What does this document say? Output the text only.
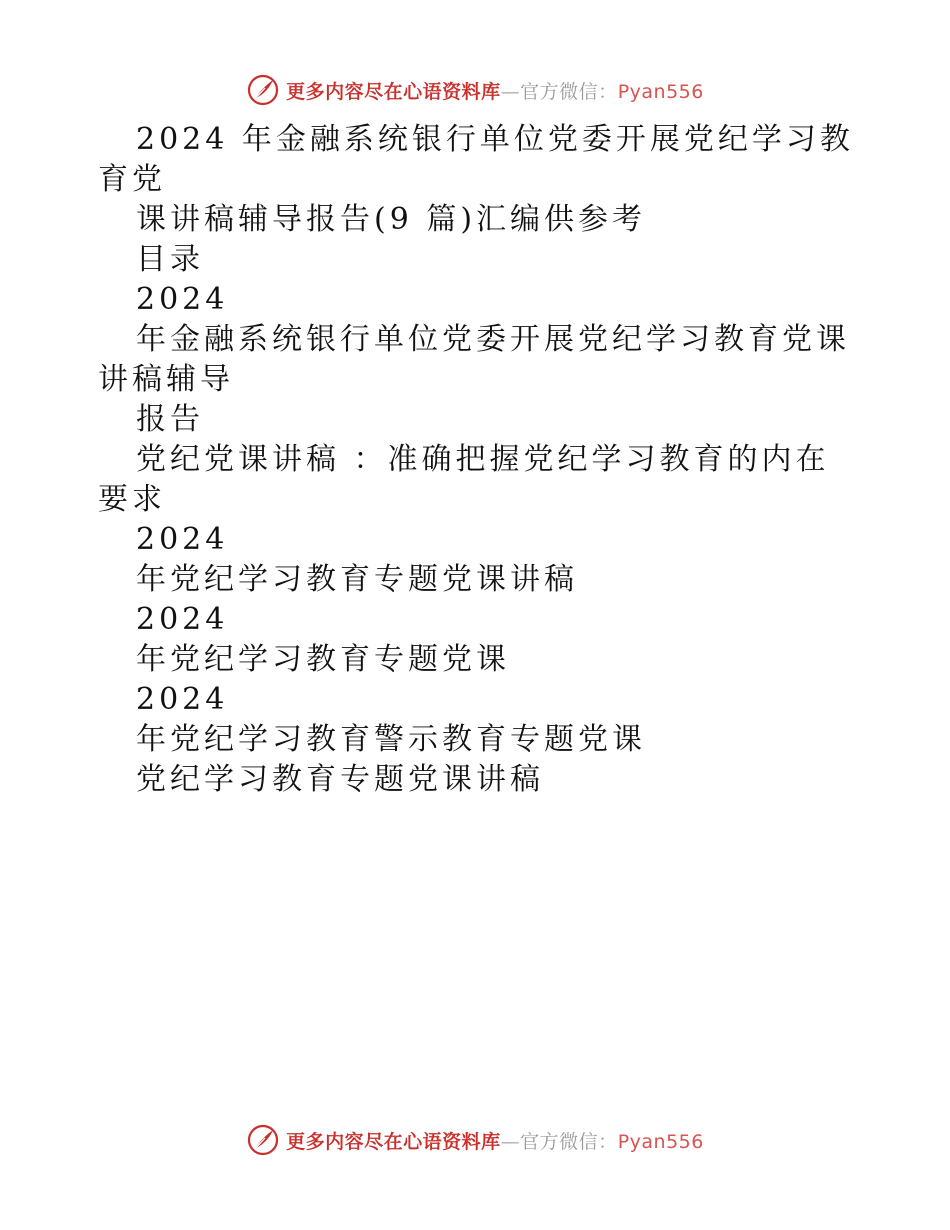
更多内容尽在心语资料库—官方微信：Pyan556
2024 年金融系统银行单位党委开展党纪学习教
育党
课讲稿辅导报告(9 篇)汇编供参考
目录
2024
年金融系统银行单位党委开展党纪学习教育党课
讲稿辅导
报告
党纪党课讲稿 ：准确把握党纪学习教育的内在
要求
2024
年党纪学习教育专题党课讲稿
2024
年党纪学习教育专题党课
2024
年党纪学习教育警示教育专题党课
党纪学习教育专题党课讲稿
更多内容尽在心语资料库—官方微信：Pyan556
